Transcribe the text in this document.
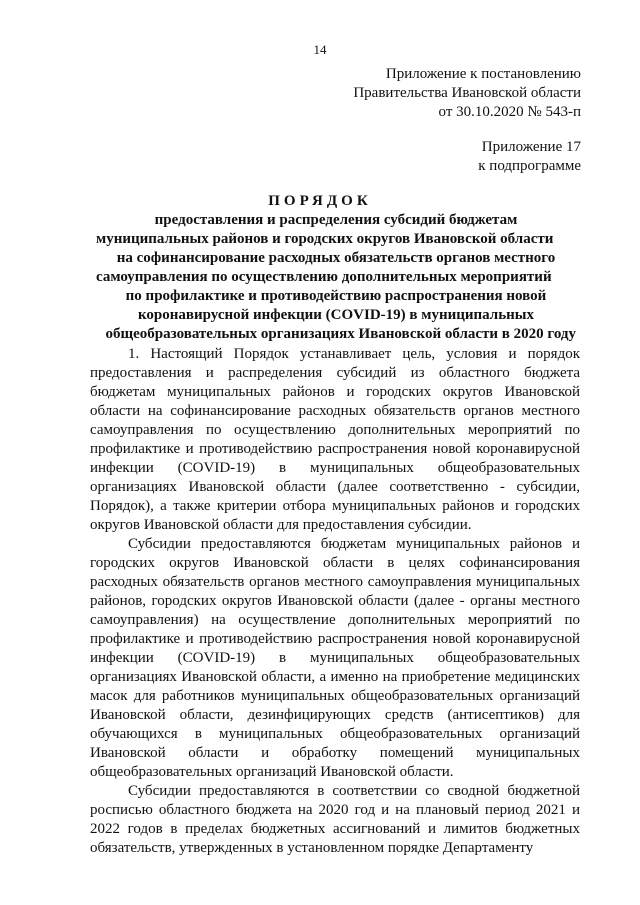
14
Приложение к постановлению
Правительства Ивановской области
от 30.10.2020 № 543-п
Приложение 17
к подпрограмме
ПОРЯДОК
предоставления и распределения субсидий бюджетам
муниципальных районов и городских округов Ивановской области
на софинансирование расходных обязательств органов местного
самоуправления по осуществлению дополнительных мероприятий
по профилактике и противодействию распространения новой
коронавирусной инфекции (COVID-19) в муниципальных
общеобразовательных организациях Ивановской области в 2020 году

1. Настоящий Порядок устанавливает цель, условия и порядок предоставления и распределения субсидий из областного бюджета бюджетам муниципальных районов и городских округов Ивановской области на софинансирование расходных обязательств органов местного самоуправления по осуществлению дополнительных мероприятий по профилактике и противодействию распространения новой коронавирусной инфекции (COVID-19) в муниципальных общеобразовательных организациях Ивановской области (далее соответственно - субсидии, Порядок), а также критерии отбора муниципальных районов и городских округов Ивановской области для предоставления субсидии.

Субсидии предоставляются бюджетам муниципальных районов и городских округов Ивановской области в целях софинансирования расходных обязательств органов местного самоуправления муниципальных районов, городских округов Ивановской области (далее - органы местного самоуправления) на осуществление дополнительных мероприятий по профилактике и противодействию распространения новой коронавирусной инфекции (COVID-19) в муниципальных общеобразовательных организациях Ивановской области, а именно на приобретение медицинских масок для работников муниципальных общеобразовательных организаций Ивановской области, дезинфицирующих средств (антисептиков) для обучающихся в муниципальных общеобразовательных организаций Ивановской области и обработку помещений муниципальных общеобразовательных организаций Ивановской области.

Субсидии предоставляются в соответствии со сводной бюджетной росписью областного бюджета на 2020 год и на плановый период 2021 и 2022 годов в пределах бюджетных ассигнований и лимитов бюджетных обязательств, утвержденных в установленном порядке Департаменту
